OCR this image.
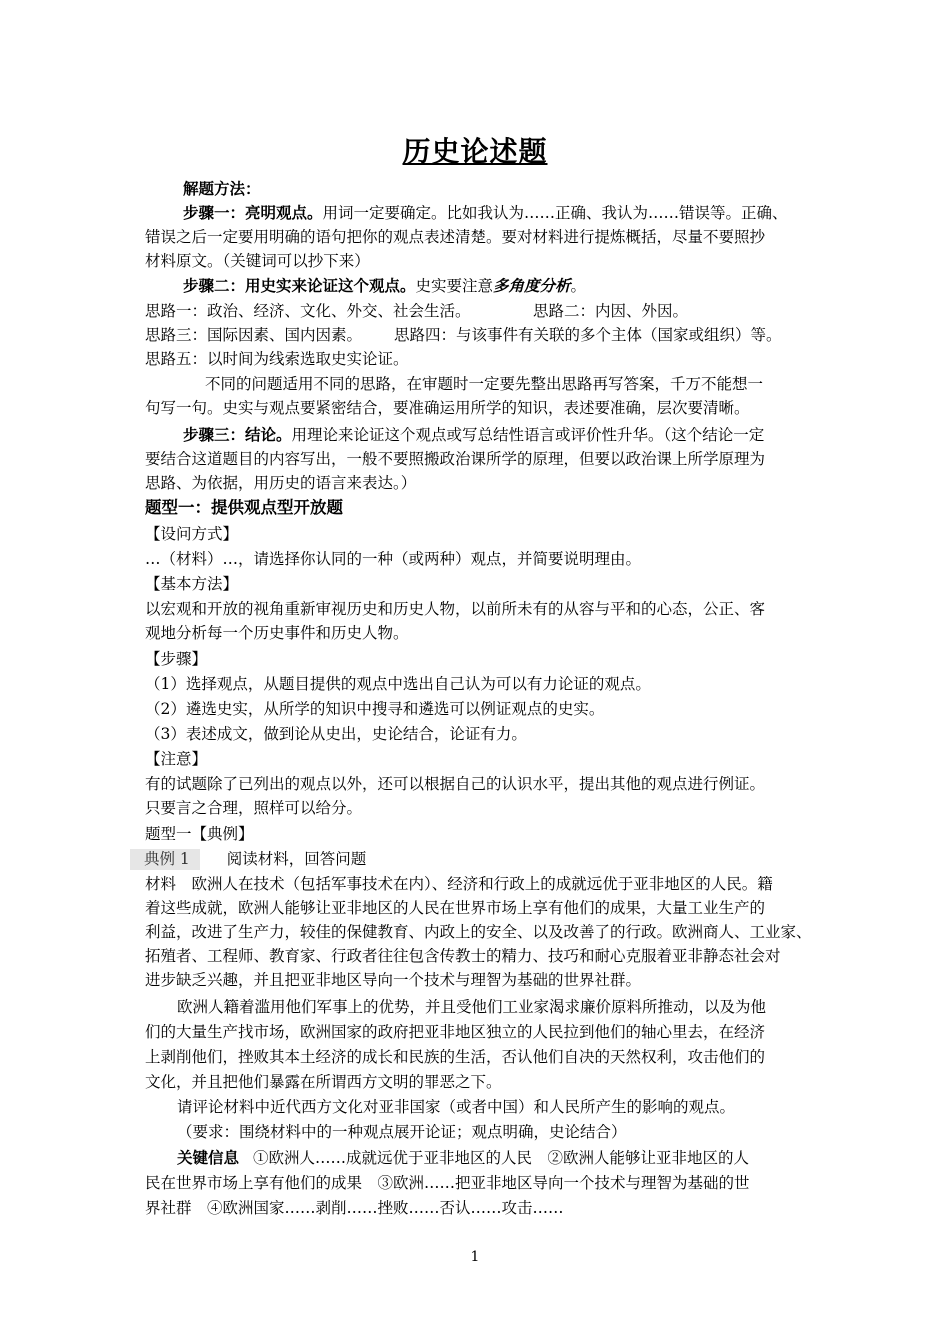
历史论述题
解题方法：
步骤一：亮明观点。用词一定要确定。比如我认为……正确、我认为……错误等。正确、
错误之后一定要用明确的语句把你的观点表述清楚。要对材料进行提炼概括，尽量不要照抄
材料原文。（关键词可以抄下来）
步骤二：用史实来论证这个观点。史实要注意多角度分析。
思路一：政治、经济、文化、外交、社会生活。	思路二：内因、外因。
思路三：国际因素、国内因素。 思路四：与该事件有关联的多个主体（国家或组织）等。
思路五：以时间为线索选取史实论证。
不同的问题适用不同的思路，在审题时一定要先整出思路再写答案，千万不能想一
句写一句。史实与观点要紧密结合，要准确运用所学的知识，表述要准确，层次要清晰。
步骤三：结论。用理论来论证这个观点或写总结性语言或评价性升华。（这个结论一定
要结合这道题目的内容写出，一般不要照搬政治课所学的原理，但要以政治课上所学原理为
思路、为依据，用历史的语言来表达。）
题型一：提供观点型开放题
【设问方式】
…（材料）…，请选择你认同的一种（或两种）观点，并简要说明理由。
【基本方法】
以宏观和开放的视角重新审视历史和历史人物，以前所未有的从容与平和的心态，公正、客
观地分析每一个历史事件和历史人物。
【步骤】
（1）选择观点，从题目提供的观点中选出自己认为可以有力论证的观点。
（2）遴选史实，从所学的知识中搜寻和遴选可以例证观点的史实。
（3）表述成文，做到论从史出，史论结合，论证有力。
【注意】
有的试题除了已列出的观点以外，还可以根据自己的认识水平，提出其他的观点进行例证。
只要言之合理，照样可以给分。
题型一【典例】
典例 1 阅读材料，回答问题
材料　欧洲人在技术（包括军事技术在内）、经济和行政上的成就远优于亚非地区的人民。籍
着这些成就，欧洲人能够让亚非地区的人民在世界市场上享有他们的成果，大量工业生产的
利益，改进了生产力，较佳的保健教育、内政上的安全、以及改善了的行政。欧洲商人、工业家、
拓殖者、工程师、教育家、行政者往往包含传教士的精力、技巧和耐心克服着亚非静态社会对
进步缺乏兴趣，并且把亚非地区导向一个技术与理智为基础的世界社群。
欧洲人籍着滥用他们军事上的优势，并且受他们工业家渴求廉价原料所推动，以及为他
们的大量生产找市场，欧洲国家的政府把亚非地区独立的人民拉到他们的轴心里去，在经济
上剥削他们，挫败其本土经济的成长和民族的生活，否认他们自决的天然权利，攻击他们的
文化，并且把他们暴露在所谓西方文明的罪恶之下。
请评论材料中近代西方文化对亚非国家（或者中国）和人民所产生的影响的观点。
（要求：围绕材料中的一种观点展开论证；观点明确，史论结合）
关键信息 ①欧洲人……成就远优于亚非地区的人民　②欧洲人能够让亚非地区的人
民在世界市场上享有他们的成果　③欧洲……把亚非地区导向一个技术与理智为基础的世
界社群　④欧洲国家……剥削……挫败……否认……攻击……
1
